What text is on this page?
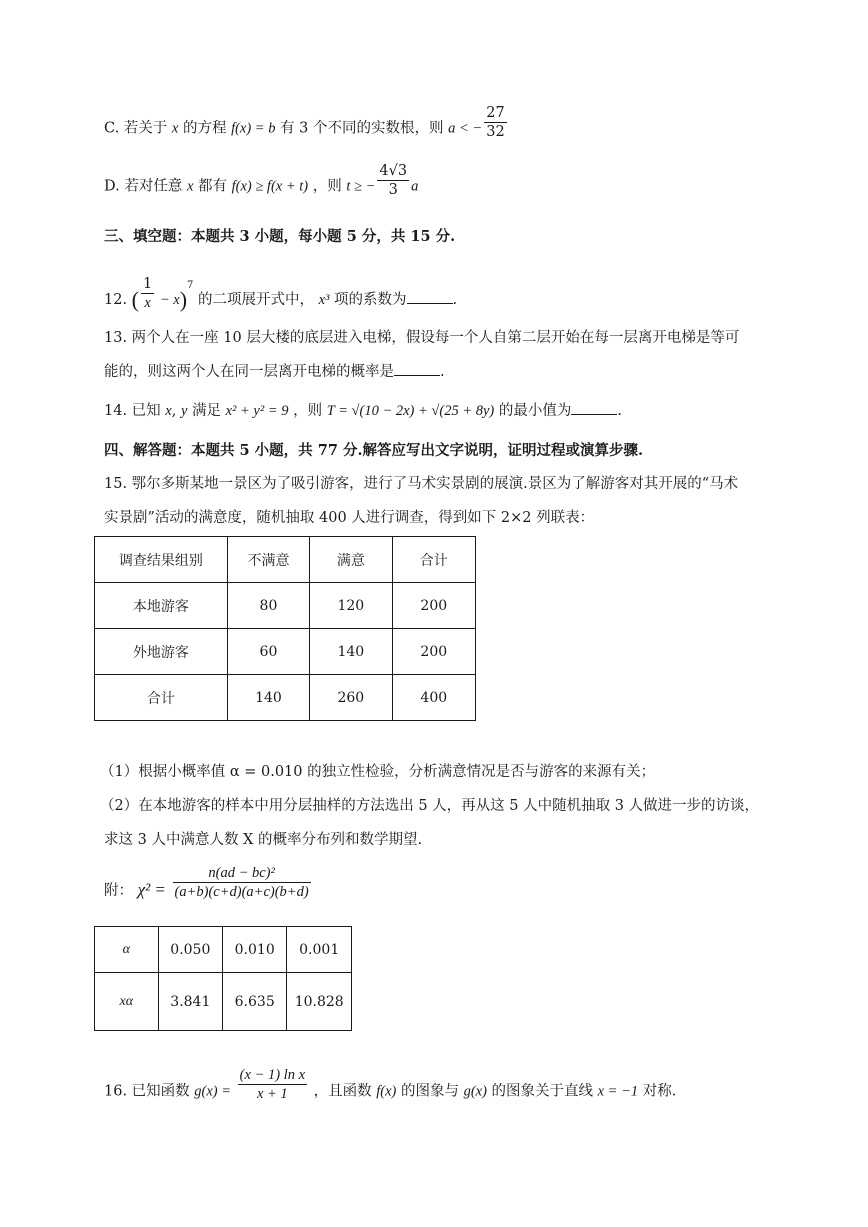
C. 若关于 x 的方程 f(x) = b 有 3 个不同的实数根，则 a < − $\frac{27}{32}$
D. 若对任意 x 都有 f(x) ≥ f(x + t) ，则 t ≥ − $\frac{4√3}{3}$ a
三、填空题：本题共 3 小题，每小题 5 分，共 15 分.
12. ( $\frac{1}{x} - x)^7$ 的二项展开式中， x³ 项的系数为	.
13. 两个人在一座 10 层大楼的底层进入电梯，假设每一个人自第二层开始在每一层离开电梯是等可
能的，则这两个人在同一层离开电梯的概率是	.
14. 已知 x, y 满足 x² + y² = 9 ，则 T = √(10 − 2x) + √(25 + 8y) 的最小值为	.
四、解答题：本题共 5 小题，共 77 分.解答应写出文字说明，证明过程或演算步骤.
15. 鄂尔多斯某地一景区为了吸引游客，进行了马术实景剧的展演.景区为了解游客对其开展的“马术
实景剧”活动的满意度，随机抽取 400 人进行调查，得到如下 2×2 列联表：
调查结果组别	不满意	满意	合计
本地游客	80	120	200
外地游客	60	140	200
合计	140	260	400
（1）根据小概率值 α = 0.010 的独立性检验，分析满意情况是否与游客的来源有关；
（2）在本地游客的样本中用分层抽样的方法选出 5 人，再从这 5 人中随机抽取 3 人做进一步的访谈，
求这 3 人中满意人数 X 的概率分布列和数学期望.
附： $\chi^2 = \frac{\text{n(ad − bc)²}}{(a+b)(c+d)(a+c)(b+d)}$
α	0.050	0.010	0.001
xα	3.841	6.635	10.828
16. 已知函数 $g(x) = \frac{\text{(x − 1) ln x}}{x + 1}$ ，且函数 f(x) 的图象与 g(x) 的图象关于直线 x = −1 对称.
